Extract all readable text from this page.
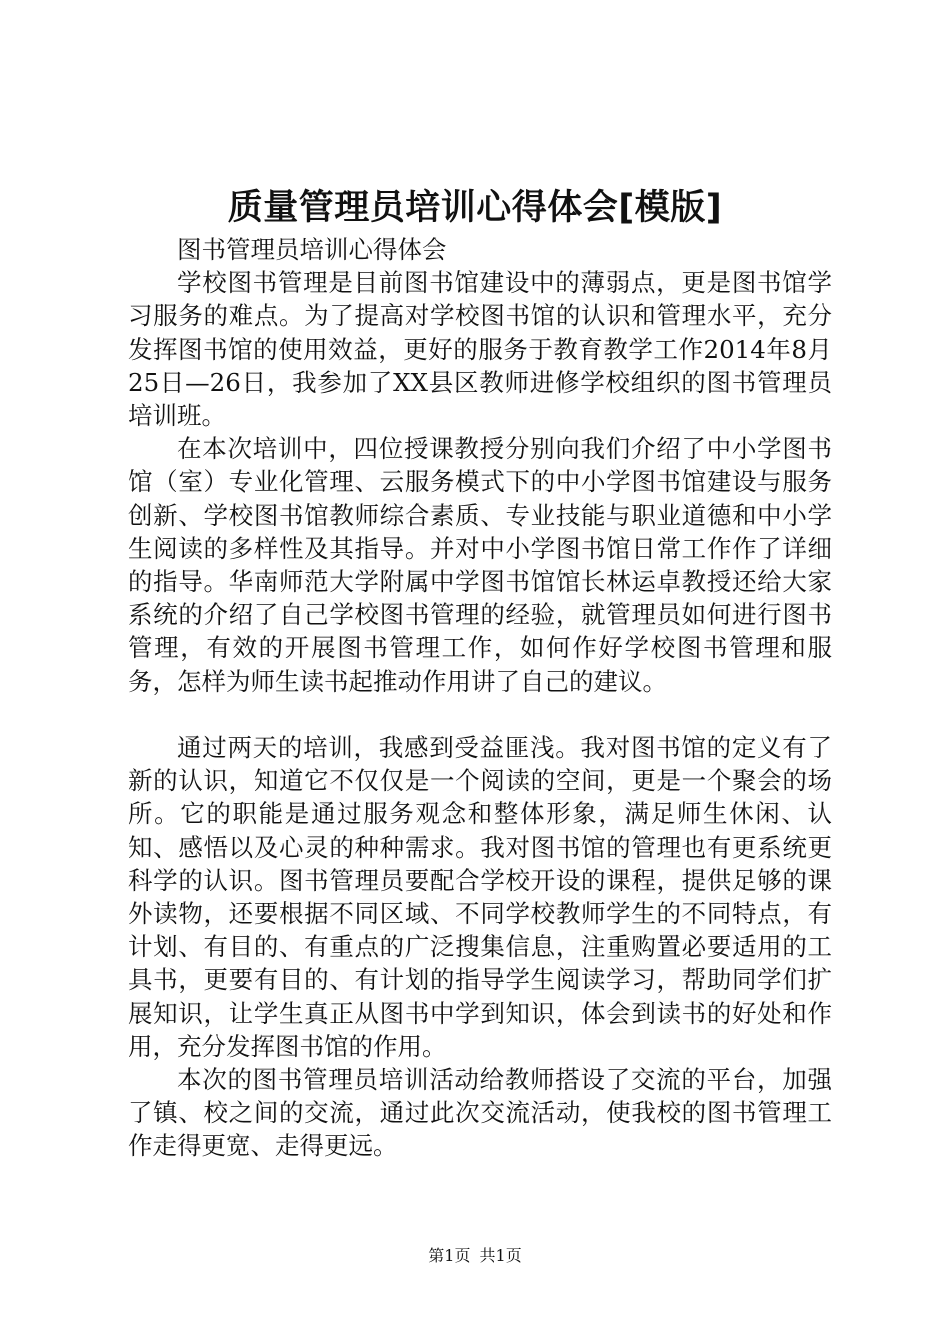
质量管理员培训心得体会[模版]

图书管理员培训心得体会

学校图书管理是目前图书馆建设中的薄弱点，更是图书馆学习服务的难点。为了提高对学校图书馆的认识和管理水平，充分发挥图书馆的使用效益，更好的服务于教育教学工作2014年8月25日—26日，我参加了XX县区教师进修学校组织的图书管理员培训班。

在本次培训中，四位授课教授分别向我们介绍了中小学图书馆（室）专业化管理、云服务模式下的中小学图书馆建设与服务创新、学校图书馆教师综合素质、专业技能与职业道德和中小学生阅读的多样性及其指导。并对中小学图书馆日常工作作了详细的指导。华南师范大学附属中学图书馆馆长林运卓教授还给大家系统的介绍了自己学校图书管理的经验，就管理员如何进行图书管理，有效的开展图书管理工作，如何作好学校图书管理和服务，怎样为师生读书起推动作用讲了自己的建议。

通过两天的培训，我感到受益匪浅。我对图书馆的定义有了新的认识，知道它不仅仅是一个阅读的空间，更是一个聚会的场所。它的职能是通过服务观念和整体形象，满足师生休闲、认知、感悟以及心灵的种种需求。我对图书馆的管理也有更系统更科学的认识。图书管理员要配合学校开设的课程，提供足够的课外读物，还要根据不同区域、不同学校教师学生的不同特点，有计划、有目的、有重点的广泛搜集信息，注重购置必要适用的工具书，更要有目的、有计划的指导学生阅读学习，帮助同学们扩展知识，让学生真正从图书中学到知识，体会到读书的好处和作用，充分发挥图书馆的作用。

本次的图书管理员培训活动给教师搭设了交流的平台，加强了镇、校之间的交流，通过此次交流活动，使我校的图书管理工作走得更宽、走得更远。

第1页 共1页
